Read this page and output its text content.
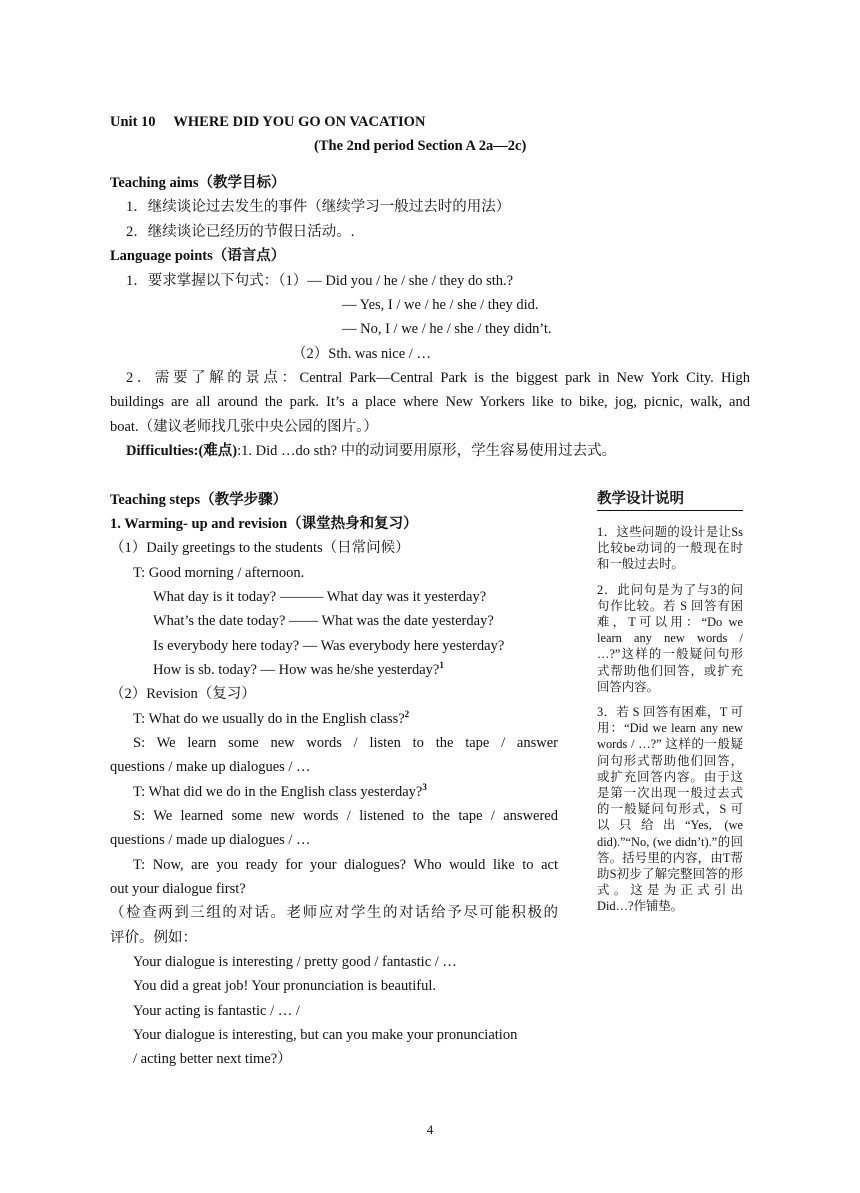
Unit 10　 WHERE DID YOU GO ON VACATION
(The 2nd period Section A 2a—2c)
Teaching aims（教学目标）
1．继续谈论过去发生的事件（继续学习一般过去时的用法）
2．继续谈论已经历的节假日活动。.
Language points（语言点）
1．要求掌握以下句式：（1）— Did you / he / she / they do sth.?
— Yes, I / we / he / she / they did.
— No, I / we / he / she / they didn’t.
（2）Sth. was nice / …
2．需要了解的景点：Central Park—Central Park is the biggest park in New York City. High
buildings are all around the park. It’s a place where New Yorkers like to bike, jog, picnic, walk, and
boat.（建议老师找几张中央公园的图片。）
Difficulties:(难点):1. Did …do sth? 中的动词要用原形，学生容易使用过去式。
Teaching steps（教学步骤）
1. Warming- up and revision（课堂热身和复习）
（1）Daily greetings to the students（日常问候）
T: Good morning / afternoon.
What day is it today? ——— What day was it yesterday?
What’s the date today? —— What was the date yesterday?
Is everybody here today? — Was everybody here yesterday?
How is sb. today? — How was he/she yesterday?$^1$
（2）Revision（复习）
T: What do we usually do in the English class?$^2$
S: We learn some new words / listen to the tape / answer
questions / make up dialogues / …
T: What did we do in the English class yesterday?$^3$
S: We learned some new words / listened to the tape / answered
questions / made up dialogues / …
T: Now, are you ready for your dialogues? Who would like to act
out your dialogue first?
（检查两到三组的对话。老师应对学生的对话给予尽可能积极的
评价。例如：
Your dialogue is interesting / pretty good / fantastic / …
You did a great job! Your pronunciation is beautiful.
Your acting is fantastic / … /
Your dialogue is interesting, but can you make your pronunciation
/ acting better next time?）
教学设计说明

1．这些问题的设计是让Ss比较be动词的一般现在时和一般过去时。

2．此问句是为了与3的问句作比较。若 S 回答有困难，T可以用：“Do we learn any new words / …?”这样的一般疑问句形式帮助他们回答，或扩充回答内容。

3．若 S 回答有困难，T 可用：“Did we learn any new words / …?” 这样的一般疑问句形式帮助他们回答，或扩充回答内容。由于这是第一次出现一般过去式的一般疑问句形式，S 可以只给出“Yes, (we did).”“No, (we didn’t).”的回答。括号里的内容，由T帮助S初步了解完整回答的形式。这是为正式引出Did…?作铺垫。

4
